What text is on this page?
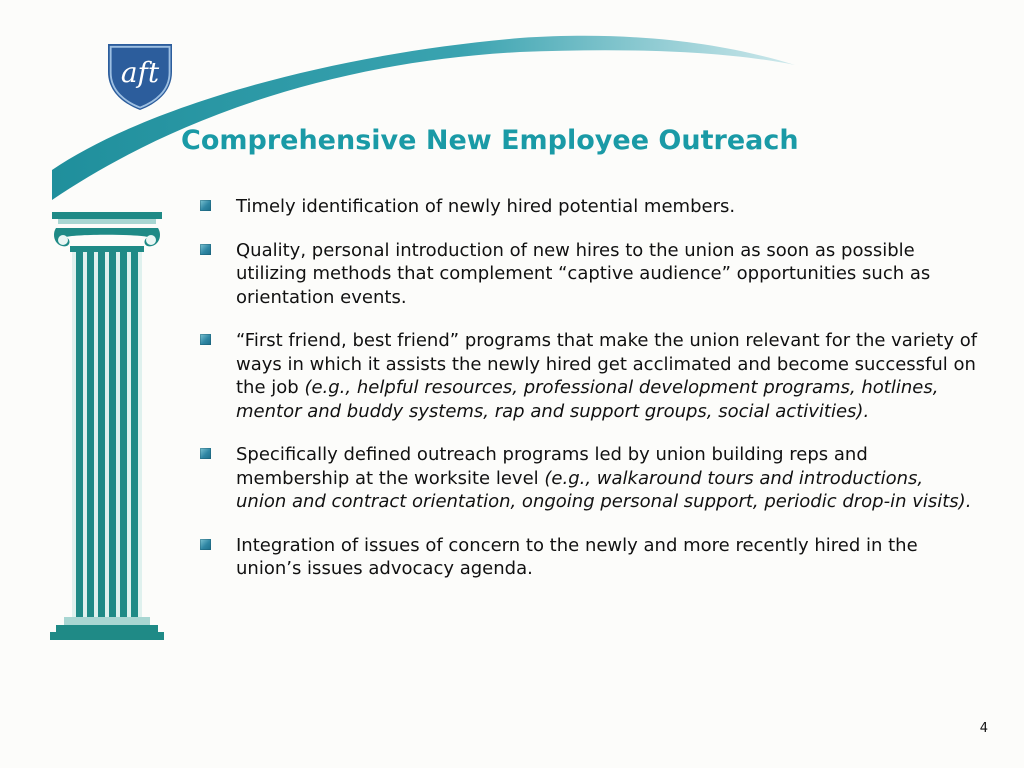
aft
Comprehensive New Employee Outreach
Timely identification of newly hired potential members.
Quality, personal introduction of new hires to the union as soon as possible utilizing methods that complement “captive audience” opportunities such as orientation events.
“First friend, best friend” programs that make the union relevant for the variety of ways in which it assists the newly hired get acclimated and become successful on the job (e.g., helpful resources, professional development programs, hotlines, mentor and buddy systems, rap and support groups, social activities).
Specifically defined outreach programs led by union building reps and membership at the worksite level (e.g., walkaround tours and introductions, union and contract orientation, ongoing personal support, periodic drop-in visits).
Integration of issues of concern to the newly and more recently hired in the union’s issues advocacy agenda.
4
